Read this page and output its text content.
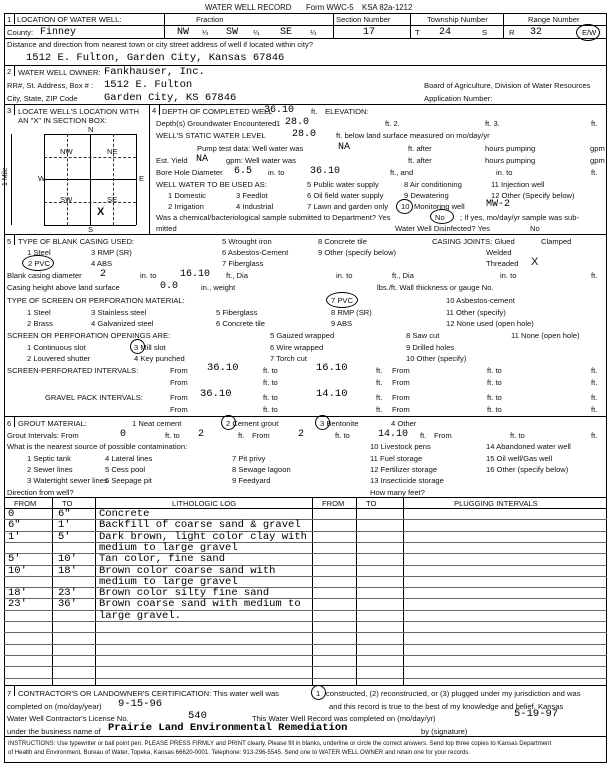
WATER WELL RECORD Form WWC-5 KSA 82a-1212
1 LOCATION OF WATER WELL:	Fraction	Section Number	Township Number	Range Number
County: Finney	NW ¼ SW ¼ SE ¼	17	T 24	S	R 32	E/W
Distance and direction from nearest town or city street address of well if located within city?
1512 E. Fulton, Garden City, Kansas 67846
2 WATER WELL OWNER: Fankhauser, Inc.
RR#, St. Address, Box # : 1512 E. Fulton	Board of Agriculture, Division of Water Resources
City, State, ZIP Code	Garden City, KS 67846	Application Number:
3 LOCATE WELL'S LOCATION WITH
AN "X" IN SECTION BOX:
N
S
W	E
NW	NE
SW	SE
X
1 Mile
4 DEPTH OF COMPLETED WELL
36.10 ft. ELEVATION:
Depth(s) Groundwater Encountered 1 28.0	ft. 2.	ft. 3.	ft.
WELL'S STATIC WATER LEVEL	28.0	ft. below land surface measured on mo/day/yr
Pump test data: Well water was	NA	ft. after	hours pumping	gpm
Est. Yield NA gpm: Well water was	ft. after	hours pumping	gpm
Bore Hole Diameter 6.5 in. to	36.10	ft., and	in. to	ft.
WELL WATER TO BE USED AS:	5 Public water supply	8 Air conditioning	11 Injection well
1 Domestic	3 Feedlot	6 Oil field water supply	9 Dewatering	12 Other (Specify below)
2 Irrigation	4 Industrial	7 Lawn and garden only 10 Monitoring well MW-2
Was a chemical/bacteriological sample submitted to Department? Yes	No ; If yes, mo/day/yr sample was sub-
mitted	Water Well Disinfected? Yes	No
5 TYPE OF BLANK CASING USED:	5 Wrought iron	8 Concrete tile	CASING JOINTS: Glued	Clamped
1 Steel	3 RMP (SR)	6 Asbestos-Cement	9 Other (specify below)	Welded
2 PVC	4 ABS	7 Fiberglass	Threaded X
Blank casing diameter 2	in. to 16.10 ft., Dia	in. to	ft., Dia	in. to	ft.
Casing height above land surface	0.0	in., weight	lbs./ft. Wall thickness or gauge No.
TYPE OF SCREEN OR PERFORATION MATERIAL:	7 PVC	10 Asbestos-cement
1 Steel	3 Stainless steel	5 Fiberglass	8 RMP (SR)	11 Other (specify)
2 Brass	4 Galvanized steel	6 Concrete tile	9 ABS	12 None used (open hole)
SCREEN OR PERFORATION OPENINGS ARE:	5 Gauzed wrapped	8 Saw cut	11 None (open hole)
1 Continuous slot	3 Mill slot	6 Wire wrapped	9 Drilled holes
2 Louvered shutter	4 Key punched	7 Torch cut	10 Other (specify)
SCREEN-PERFORATED INTERVALS:	From 36.10	ft. to	16.10	ft. From	ft. to	ft.
From	ft. to	ft. From	ft. to	ft.
GRAVEL PACK INTERVALS:	From 36.10	ft. to	14.10	ft. From	ft. to	ft.
From	ft. to	ft. From	ft. to	ft.
6 GROUT MATERIAL:	1 Neat cement	2 Cement grout	3 Bentonite	4 Other
Grout Intervals: From	0	ft. to 2	ft. From	2	ft. to	14.10 ft. From	ft. to	ft.
What is the nearest source of possible contamination:	10 Livestock pens	14 Abandoned water well
1 Septic tank	4 Lateral lines	7 Pit privy	11 Fuel storage	15 Oil well/Gas well
2 Sewer lines	5 Cess pool	8 Sewage lagoon	12 Fertilizer storage	16 Other (specify below)
3 Watertight sewer lines
6 Seepage pit	9 Feedyard	13 Insecticide storage
Direction from well?	How many feet?
FROM	TO	LITHOLOGIC LOG	FROM	TO	PLUGGING INTERVALS
0	6"	Concrete
6"	1'	Backfill of coarse sand & gravel
1'	5'	Dark brown, light color clay with
medium to large gravel
5'	10' Tan color, fine sand
10'	18' Brown color coarse sand with
medium to large gravel
18'	23' Brown color silty fine sand
23'	36' Brown coarse sand with medium to
large gravel.
7 CONTRACTOR'S OR LANDOWNER'S CERTIFICATION: This water well was	1 constructed, (2) reconstructed, or (3) plugged under my jurisdiction and was
completed on (mo/day/year) 9-15-96	and this record is true to the best of my knowledge and belief. Kansas
Water Well Contractor's License No.	540	This Water Well Record was completed on (mo/day/yr)	5-19-97
under the business name of Prairie Land Environmental Remediation	by (signature)
INSTRUCTIONS: Use typewriter or ball point pen. PLEASE PRESS FIRMLY and PRINT clearly. Please fill in blanks, underline or circle the correct answers. Send top three copies to Kansas Department
of Health and Environment, Bureau of Water, Topeka, Kansas 66620-0001. Telephone: 913-296-5545. Send one to WATER WELL OWNER and retain one for your records.
